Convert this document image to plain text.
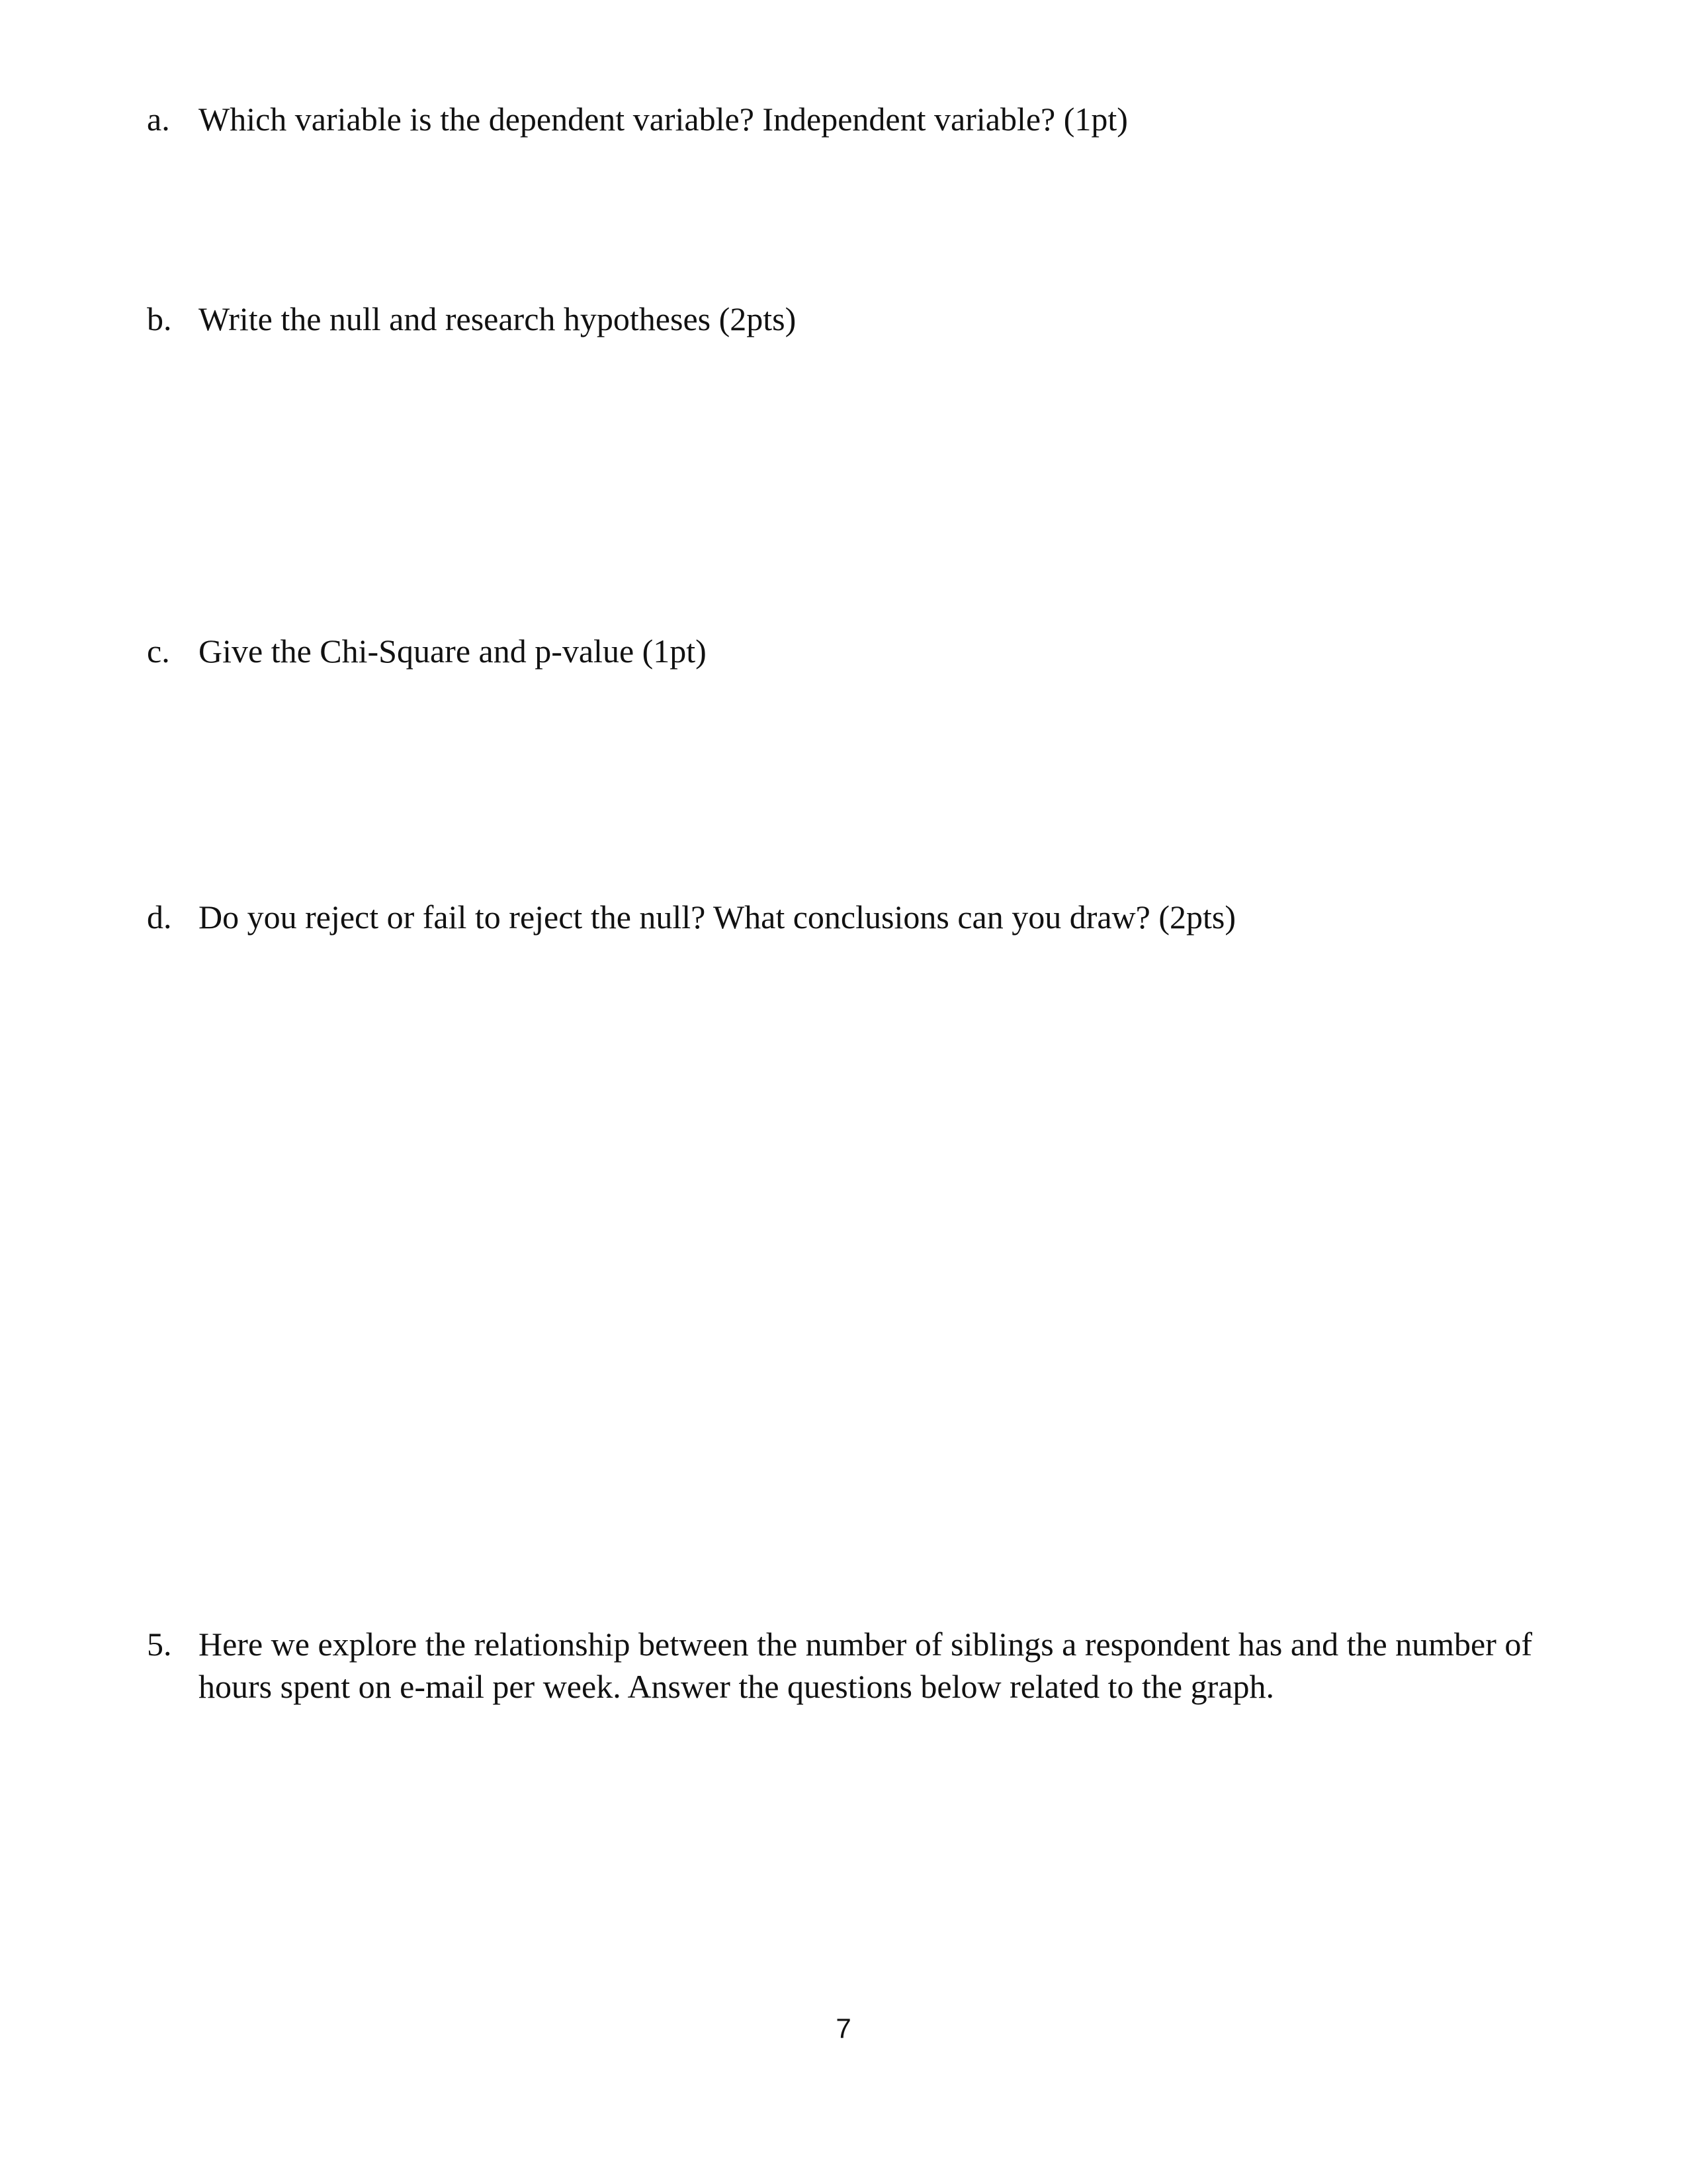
a. Which variable is the dependent variable? Independent variable? (1pt)
b. Write the null and research hypotheses (2pts)
c. Give the Chi-Square and p-value (1pt)
d. Do you reject or fail to reject the null? What conclusions can you draw? (2pts)
5. Here we explore the relationship between the number of siblings a respondent has and the number of
hours spent on e-mail per week. Answer the questions below related to the graph.
7
